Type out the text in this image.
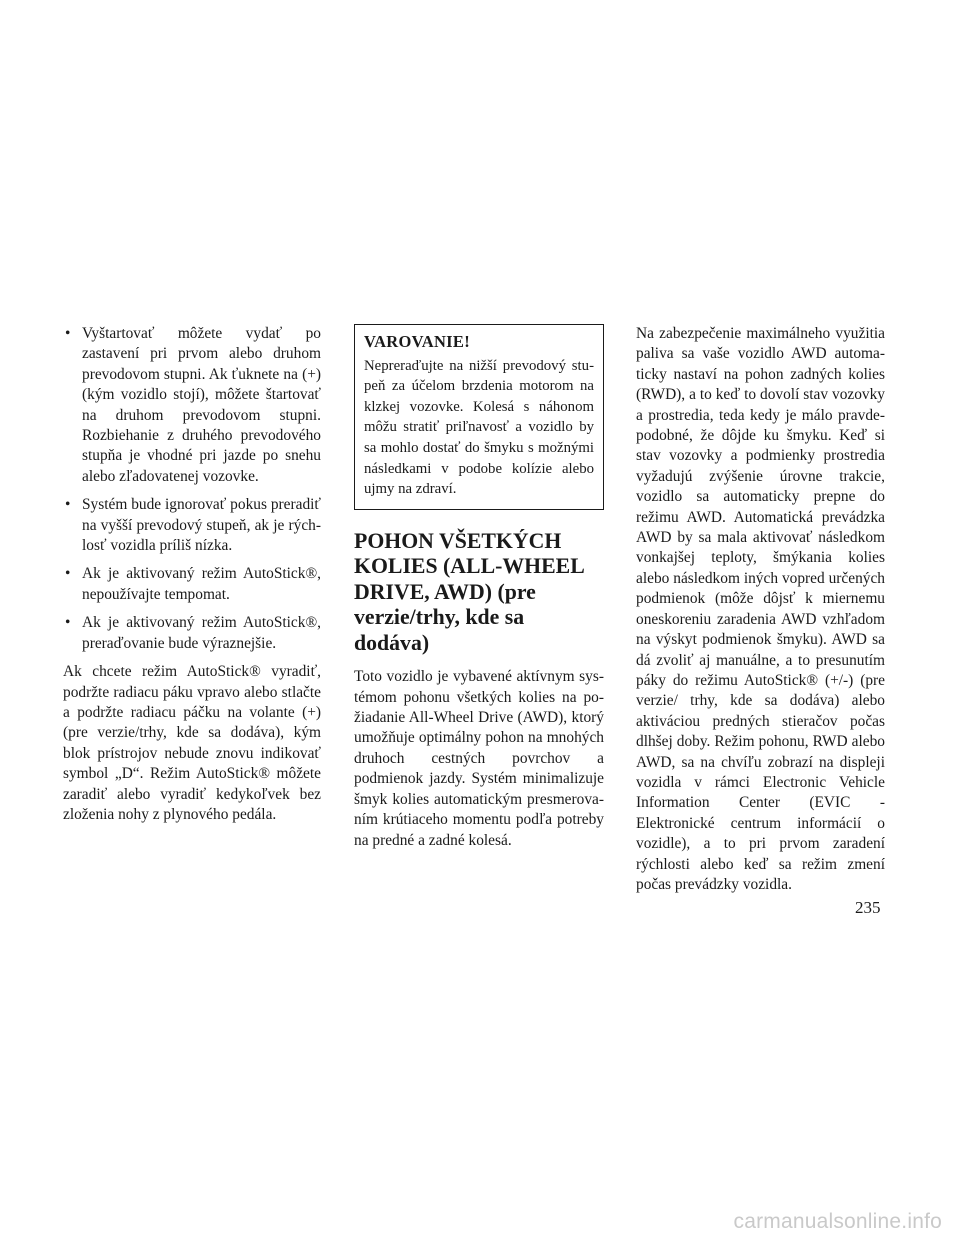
• Vyštartovať môžete vydať po zastavení pri prvom alebo druhom prevodovom stupni. Ak ťuknete na (+) (kým vozidlo stojí), môžete štartovať na druhom prevodovom stupni. Rozbiehanie z druhého prevodového stupňa je vhodné pri jazde po snehu alebo zľadovatenej vozovke.
• Systém bude ignorovať pokus preradiť na vyšší prevodový stupeň, ak je rýchlosť vozidla príliš nízka.
• Ak je aktivovaný režim AutoStick®, nepoužívajte tempomat.
• Ak je aktivovaný režim AutoStick®, preraďovanie bude výraznejšie.

Ak chcete režim AutoStick® vyradiť, podržte radiacu páku vpravo alebo stlačte a podržte radiacu páčku na volante (+) (pre verzie/trhy, kde sa dodáva), kým blok prístrojov nebude znovu indikovať symbol „D“. Režim AutoStick® môžete zaradiť alebo vyradiť kedykoľvek bez zloženia nohy z plynového pedála.

VAROVANIE!

Nepreraďujte na nižší prevodový stupeň za účelom brzdenia motorom na klzkej vozovke. Kolesá s náhonom môžu stratiť priľnavosť a vozidlo by sa mohlo dostať do šmyku s možnými následkami v podobe kolízie alebo ujmy na zdraví.

POHON VŠETKÝCH KOLIES (ALL-WHEEL DRIVE, AWD) (pre verzie/trhy, kde sa dodáva)

Toto vozidlo je vybavené aktívnym systémom pohonu všetkých kolies na požiadanie All-Wheel Drive (AWD), ktorý umožňuje optimálny pohon na mnohých druhoch cestných povrchov a podmienok jazdy. Systém minimalizuje šmyk kolies automatickým presmerovaním krútiaceho momentu podľa potreby na predné a zadné kolesá.

Na zabezpečenie maximálneho využitia paliva sa vaše vozidlo AWD automaticky nastaví na pohon zadných kolies (RWD), a to keď to dovolí stav vozovky a prostredia, teda kedy je málo pravdepodobné, že dôjde ku šmyku. Keď si stav vozovky a podmienky prostredia vyžadujú zvýšenie úrovne trakcie, vozidlo sa automaticky prepne do režimu AWD. Automatická prevádzka AWD by sa mala aktivovať následkom vonkajšej teploty, šmýkania kolies alebo následkom iných vopred určených podmienok (môže dôjsť k miernemu oneskoreniu zaradenia AWD vzhľadom na výskyt podmienok šmyku). AWD sa dá zvoliť aj manuálne, a to presunutím páky do režimu AutoStick® (+/-) (pre verzie/ trhy, kde sa dodáva) alebo aktiváciou predných stieračov počas dlhšej doby. Režim pohonu, RWD alebo AWD, sa na chvíľu zobrazí na displeji vozidla v rámci Electronic Vehicle Information Center (EVIC - Elektronické centrum informácií o vozidle), a to pri prvom zaradení rýchlosti alebo keď sa režim zmení počas prevádzky vozidla.

235
carmanualsonline.info
